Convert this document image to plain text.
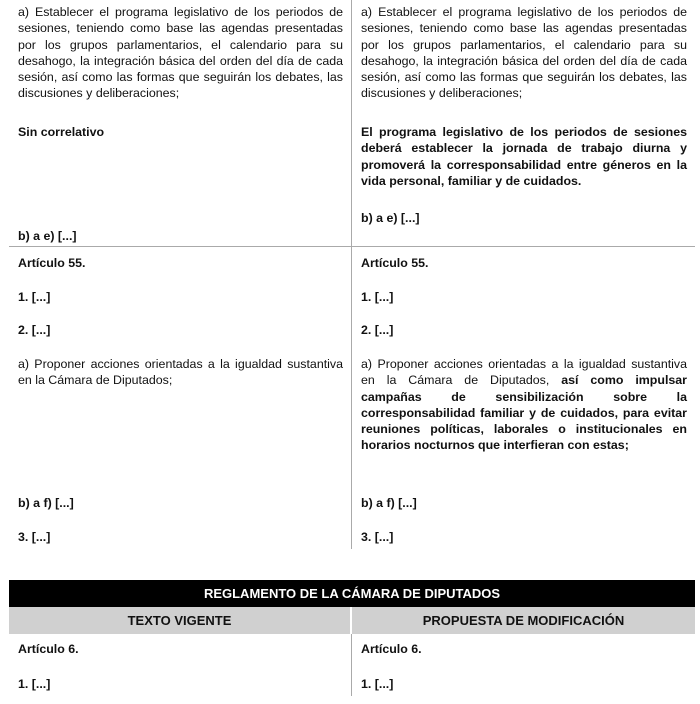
a) Establecer el programa legislativo de los periodos de sesiones, teniendo como base las agendas presentadas por los grupos parlamentarios, el calendario para su desahogo, la integración básica del orden del día de cada sesión, así como las formas que seguirán los debates, las discusiones y deliberaciones;
Sin correlativo
b) a e) [...]
a) Establecer el programa legislativo de los periodos de sesiones, teniendo como base las agendas presentadas por los grupos parlamentarios, el calendario para su desahogo, la integración básica del orden del día de cada sesión, así como las formas que seguirán los debates, las discusiones y deliberaciones;
El programa legislativo de los periodos de sesiones deberá establecer la jornada de trabajo diurna y promoverá la corresponsabilidad entre géneros en la vida personal, familiar y de cuidados.
b) a e) [...]
Artículo 55.
1. [...]
2. [...]
a) Proponer acciones orientadas a la igualdad sustantiva en la Cámara de Diputados;
b) a f) [...]
3. [...]
Artículo 55.
1. [...]
2. [...]
a) Proponer acciones orientadas a la igualdad sustantiva en la Cámara de Diputados, así como impulsar campañas de sensibilización sobre la corresponsabilidad familiar y de cuidados, para evitar reuniones políticas, laborales o institucionales en horarios nocturnos que interfieran con estas;
b) a f) [...]
3. [...]
REGLAMENTO DE LA CÁMARA DE DIPUTADOS
TEXTO VIGENTE	PROPUESTA DE MODIFICACIÓN
Artículo 6.
1. [...]
Artículo 6.
1. [...]
